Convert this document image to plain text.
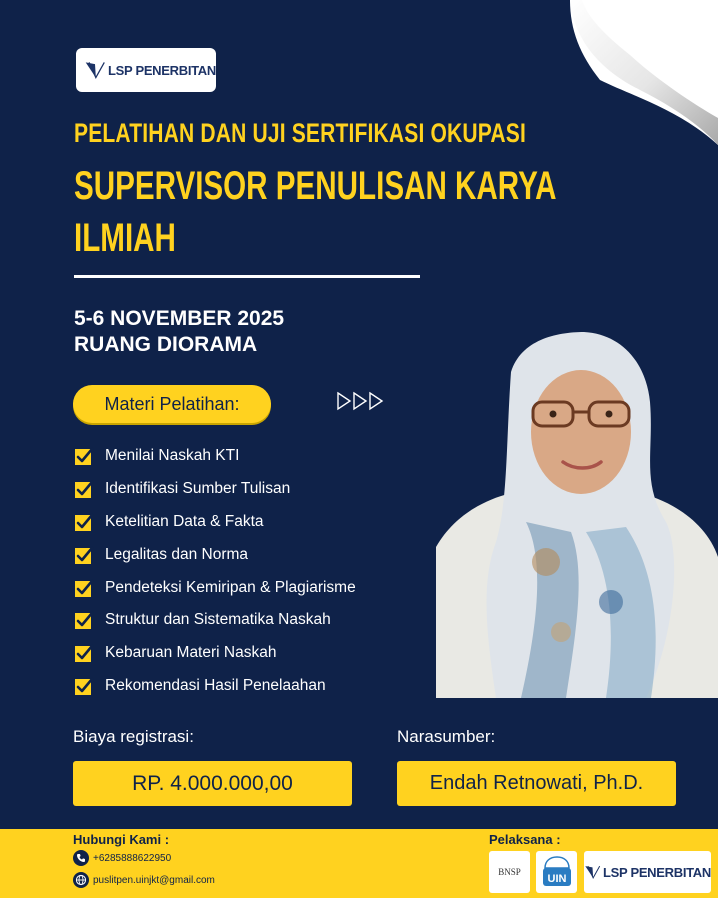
LSP PENERBITAN
PELATIHAN DAN UJI SERTIFIKASI OKUPASI
SUPERVISOR PENULISAN KARYA
ILMIAH
5-6 NOVEMBER 2025
RUANG DIORAMA
Materi Pelatihan:
Menilai Naskah KTI
Identifikasi Sumber Tulisan
Ketelitian Data & Fakta
Legalitas dan Norma
Pendeteksi Kemiripan & Plagiarisme
Struktur dan Sistematika Naskah
Kebaruan Materi Naskah
Rekomendasi Hasil Penelaahan
Biaya registrasi:	Narasumber:
RP. 4.000.000,00	Endah Retnowati, Ph.D.
Hubungi Kami :
+6285888622950
puslitpen.uinjkt@gmail.com
Pelaksana :
BNSP
UIN	LSP PENERBITAN
